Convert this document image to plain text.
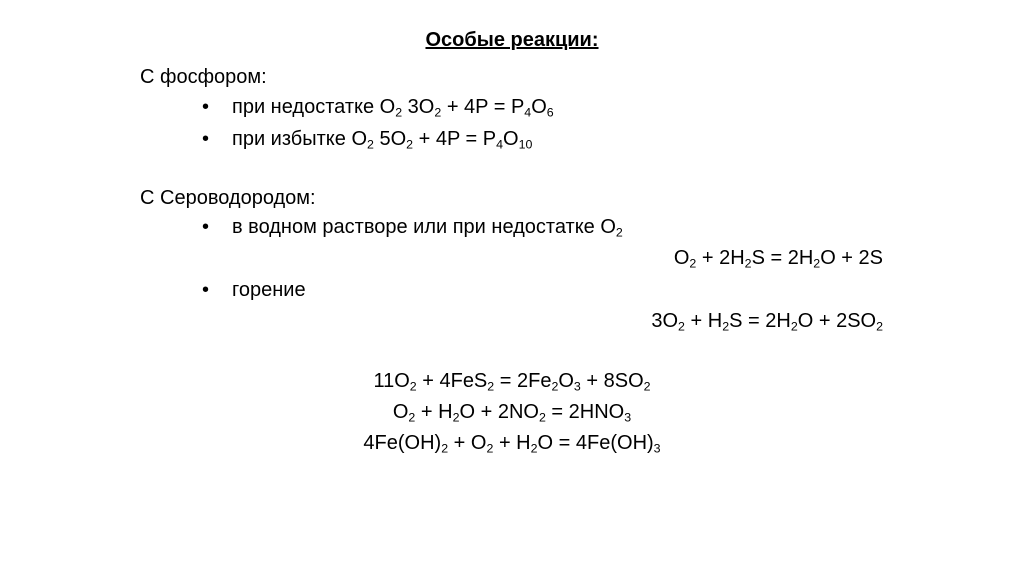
Особые реакции:
С фосфором:
• при недостатке $O_2$ $3O_2 + 4P = P_4O_6$
• при избытке $O_2$ $5O_2 + 4P = P_4O_{10}$
С Сероводородом:
• в водном растворе или при недостатке $O_2$
$O_2 + 2H_2S = 2H_2O + 2S$
• горение
$3O_2 + H_2S = 2H_2O + 2SO_2$
$11O_2 + 4FeS_2 = 2Fe_2O_3 + 8SO_2$
$O_2 + H_2O + 2NO_2 = 2HNO_3$
$4Fe(OH)_2 + O_2 + H_2O = 4Fe(OH)_3$
